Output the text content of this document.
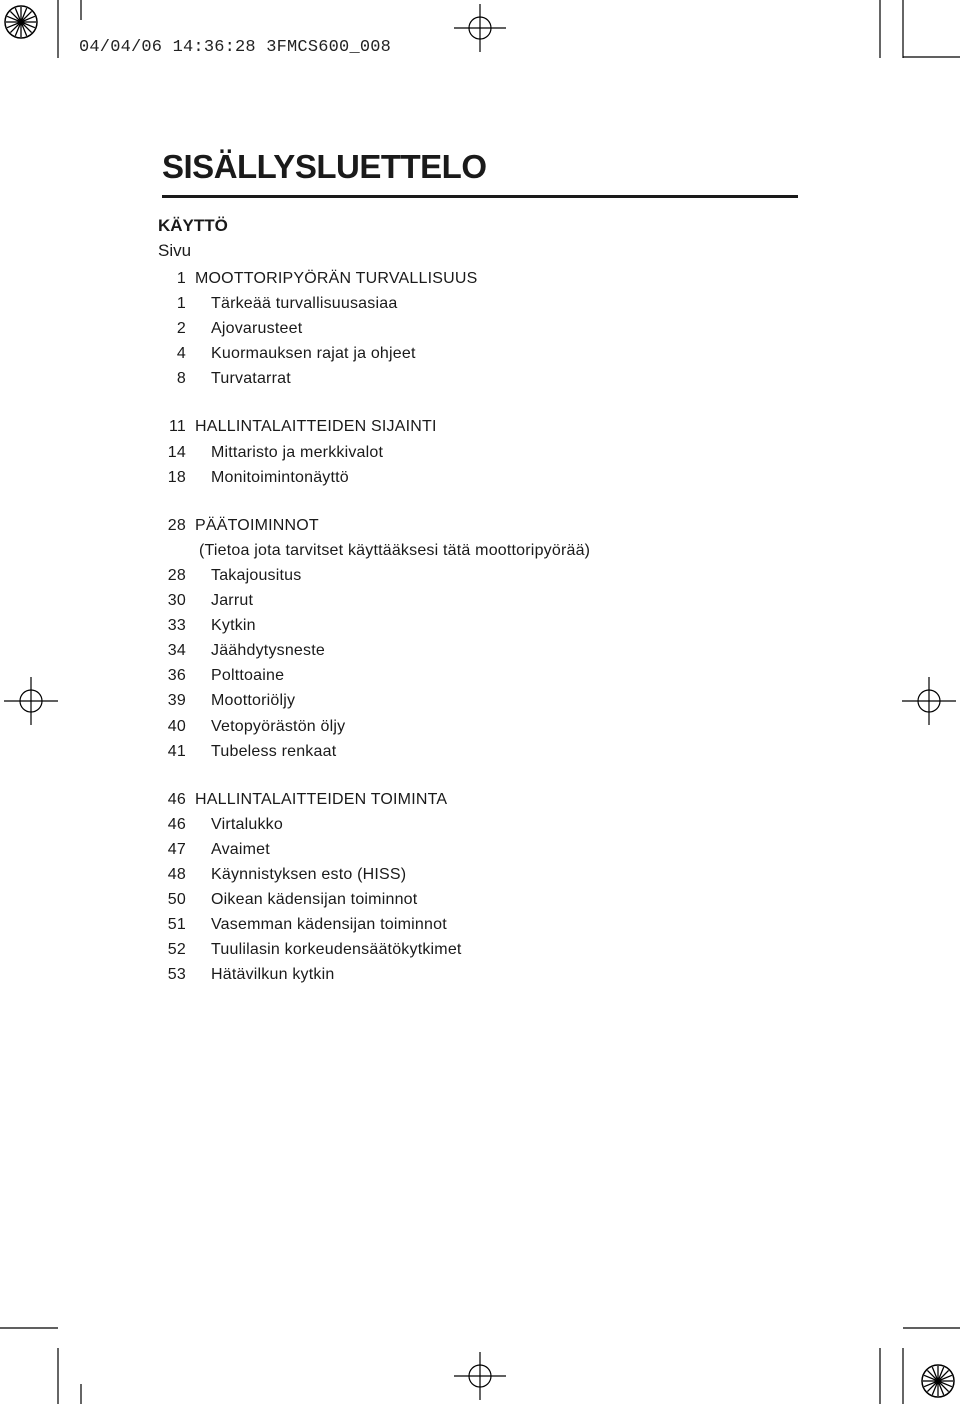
04/04/06 14:36:28 3FMCS600_008
SISÄLLYSLUETTELO
KÄYTTÖ
Sivu
1 MOOTTORIPYÖRÄN TURVALLISUUS
1 Tärkeää turvallisuusasiaa
2 Ajovarusteet
4 Kuormauksen rajat ja ohjeet
8 Turvatarrat
11 HALLINTALAITTEIDEN SIJAINTI
14 Mittaristo ja merkkivalot
18 Monitoimintonäyttö
28 PÄÄTOIMINNOT
(Tietoa jota tarvitset käyttääksesi tätä moottoripyörää)
28 Takajousitus
30 Jarrut
33 Kytkin
34 Jäähdytysneste
36 Polttoaine
39 Moottoriöljy
40 Vetopyörästön öljy
41 Tubeless renkaat
46 HALLINTALAITTEIDEN TOIMINTA
46 Virtalukko
47 Avaimet
48 Käynnistyksen esto (HISS)
50 Oikean kädensijan toiminnot
51 Vasemman kädensijan toiminnot
52 Tuulilasin korkeudensäätökytkimet
53 Hätävilkun kytkin
